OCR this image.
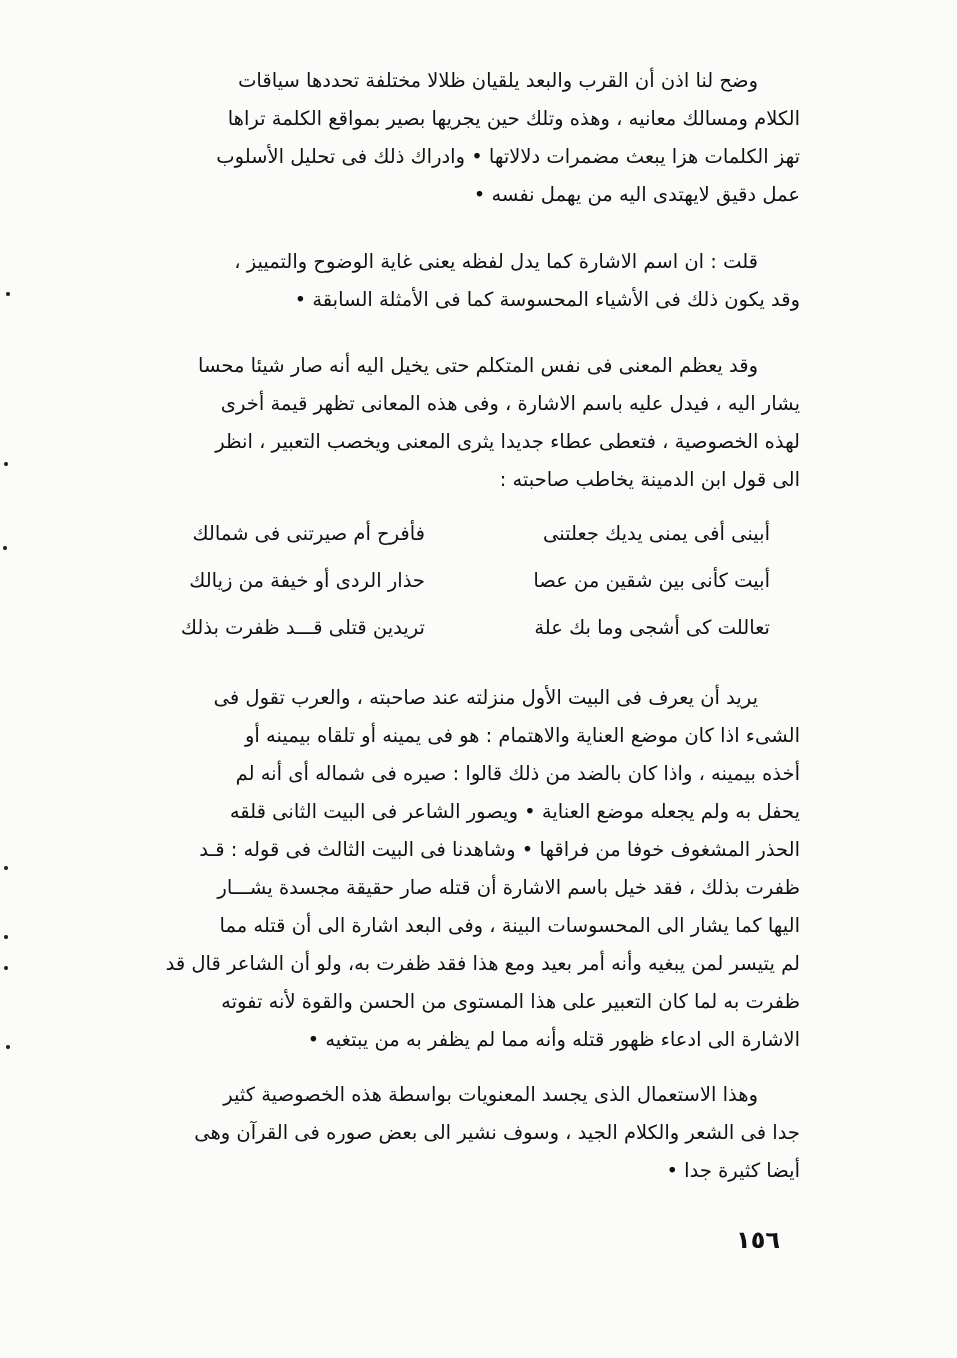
وضح لنا اذن أن القرب والبعد يلقيان ظلالا مختلفة تحددها سياقات
الكلام ومسالك معانيه ، وهذه وتلك حين يجريها بصير بمواقع الكلمة تراها
تهز الكلمات هزا يبعث مضمرات دلالاتها • وادراك ذلك فى تحليل الأسلوب
عمل دقيق لايهتدى اليه من يهمل نفسه •
قلت : ان اسم الاشارة كما يدل لفظه يعنى غاية الوضوح والتمييز ،
وقد يكون ذلك فى الأشياء المحسوسة كما فى الأمثلة السابقة •
وقد يعظم المعنى فى نفس المتكلم حتى يخيل اليه أنه صار شيئا محسا
يشار اليه ، فيدل عليه باسم الاشارة ، وفى هذه المعانى تظهر قيمة أخرى
لهذه الخصوصية ، فتعطى عطاء جديدا يثرى المعنى ويخصب التعبير ، انظر
الى قول ابن الدمينة يخاطب صاحبته :
أبينى أفى يمنى يديك جعلتنى
فأفرح أم صيرتنى فى شمالك
أبيت كأنى بين شقين من عصا
حذار الردى أو خيفة من زيالك
تعاللت كى أشجى وما بك علة
تريدين قتلى قـــد ظفرت بذلك
يريد أن يعرف فى البيت الأول منزلته عند صاحبته ، والعرب تقول فى
الشىء اذا كان موضع العناية والاهتمام : هو فى يمينه أو تلقاه بيمينه أو
أخذه بيمينه ، واذا كان بالضد من ذلك قالوا : صيره فى شماله أى أنه لم
يحفل به ولم يجعله موضع العناية • ويصور الشاعر فى البيت الثانى قلقه
الحذر المشغوف خوفا من فراقها • وشاهدنا فى البيت الثالث فى قوله : قـد
ظفرت بذلك ، فقد خيل باسم الاشارة أن قتله صار حقيقة مجسدة يشـــار
اليها كما يشار الى المحسوسات البينة ، وفى البعد اشارة الى أن قتله مما
لم يتيسر لمن يبغيه وأنه أمر بعيد ومع هذا فقد ظفرت به، ولو أن الشاعر قال قد
ظفرت به لما كان التعبير على هذا المستوى من الحسن والقوة لأنه تفوته
الاشارة الى ادعاء ظهور قتله وأنه مما لم يظفر به من يبتغيه •
وهذا الاستعمال الذى يجسد المعنويات بواسطة هذه الخصوصية كثير
جدا فى الشعر والكلام الجيد ، وسوف نشير الى بعض صوره فى القرآن وهى
أيضا كثيرة جدا •
١٥٦
